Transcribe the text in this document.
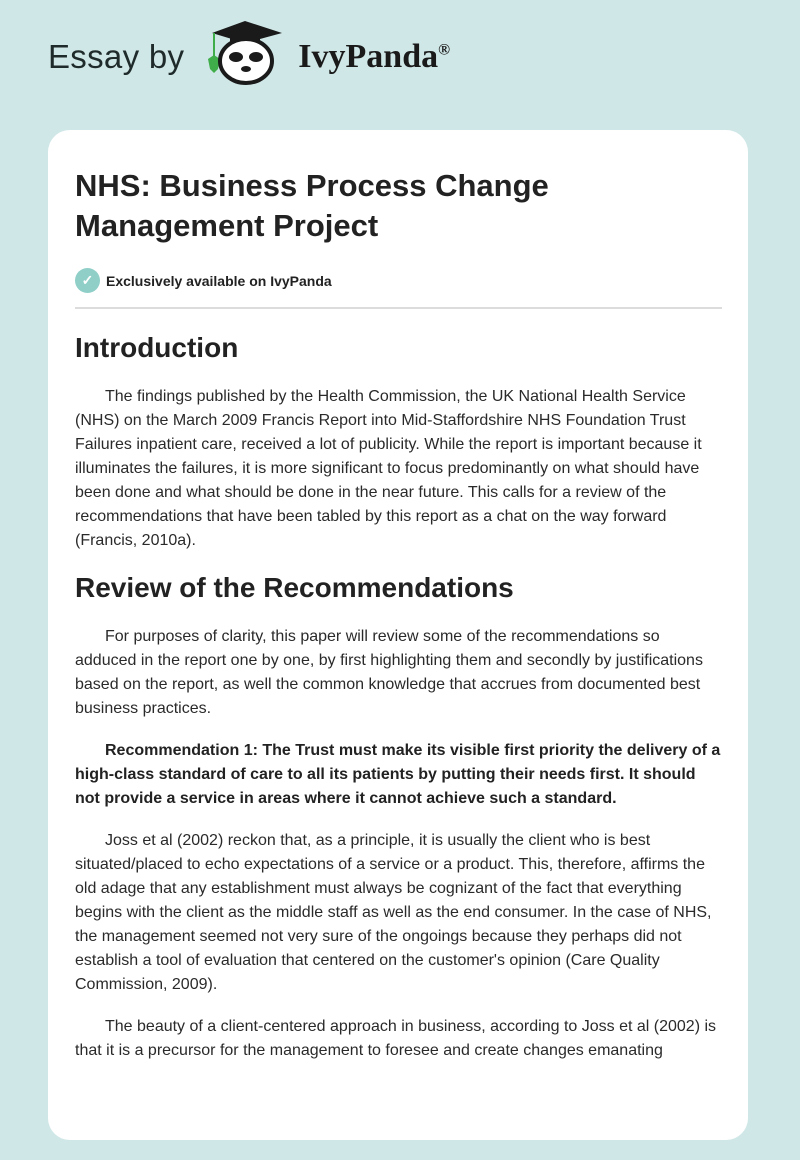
Essay by	IvyPanda®
NHS: Business Process Change Management Project
✓ Exclusively available on IvyPanda
Introduction

The findings published by the Health Commission, the UK National Health Service (NHS) on the March 2009 Francis Report into Mid-Staffordshire NHS Foundation Trust Failures inpatient care, received a lot of publicity. While the report is important because it illuminates the failures, it is more significant to focus predominantly on what should have been done and what should be done in the near future. This calls for a review of the recommendations that have been tabled by this report as a chat on the way forward (Francis, 2010a).

Review of the Recommendations

For purposes of clarity, this paper will review some of the recommendations so adduced in the report one by one, by first highlighting them and secondly by justifications based on the report, as well the common knowledge that accrues from documented best business practices.

Recommendation 1: The Trust must make its visible first priority the delivery of a high-class standard of care to all its patients by putting their needs first. It should not provide a service in areas where it cannot achieve such a standard.

Joss et al (2002) reckon that, as a principle, it is usually the client who is best situated/placed to echo expectations of a service or a product. This, therefore, affirms the old adage that any establishment must always be cognizant of the fact that everything begins with the client as the middle staff as well as the end consumer. In the case of NHS, the management seemed not very sure of the ongoings because they perhaps did not establish a tool of evaluation that centered on the customer's opinion (Care Quality Commission, 2009).

The beauty of a client-centered approach in business, according to Joss et al (2002) is that it is a precursor for the management to foresee and create changes emanating
